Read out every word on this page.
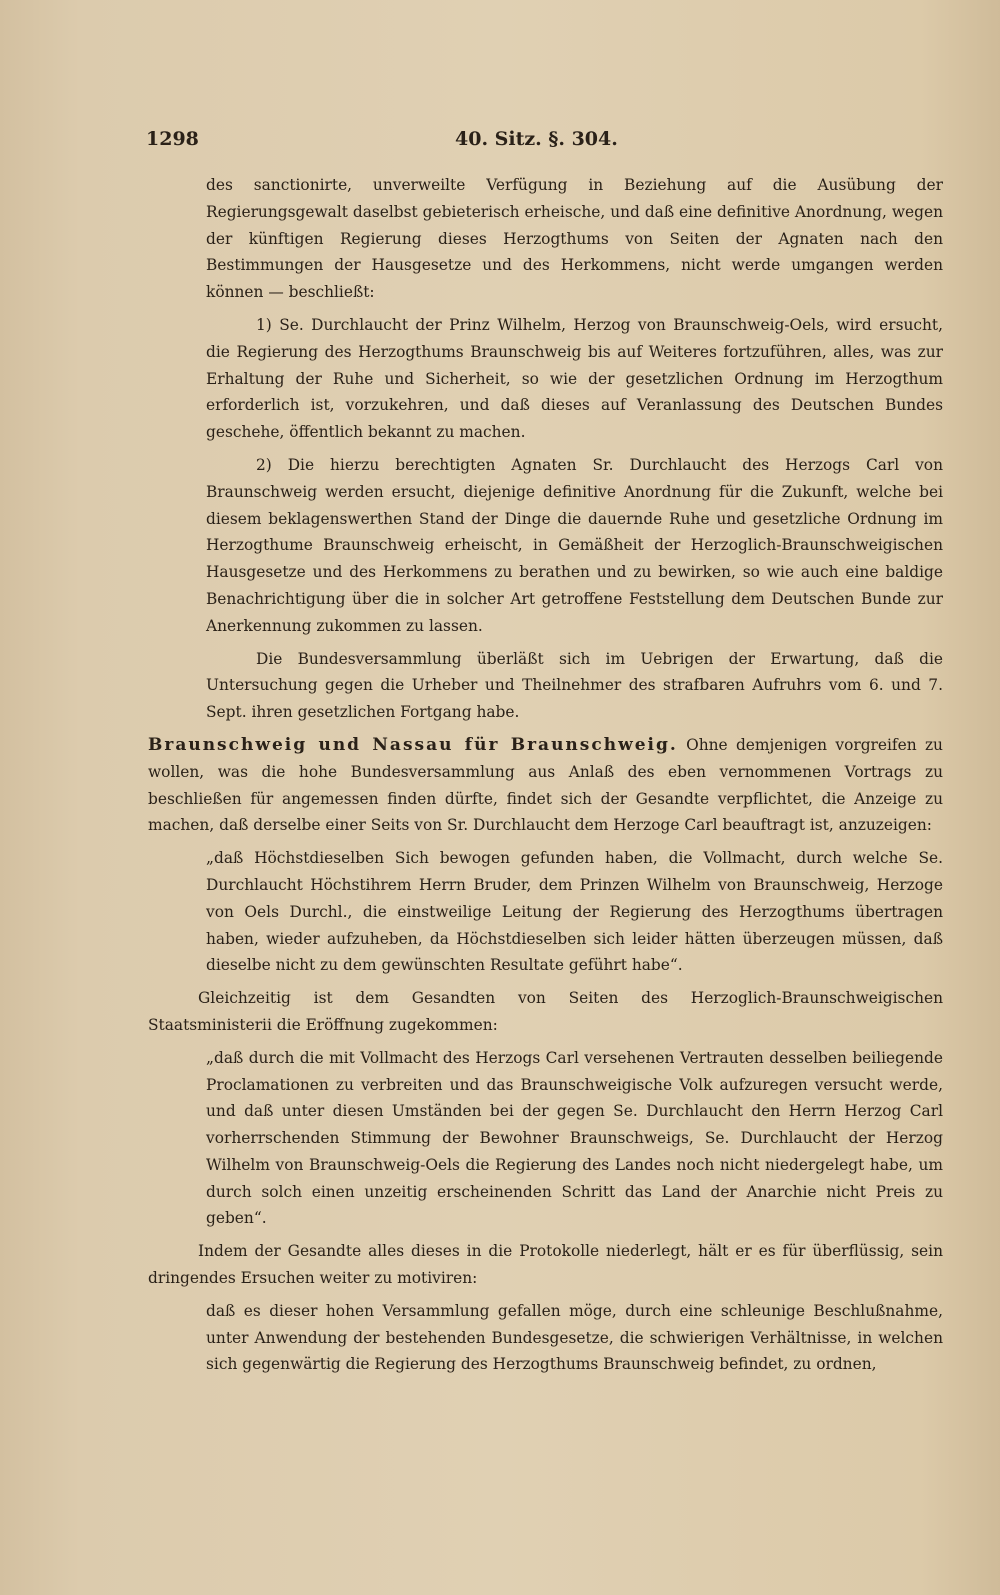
1298	40. Sitz. §. 304.

des sanctionirte, unverweilte Verfügung in Beziehung auf die Ausübung der Regierungsgewalt daselbst gebieterisch erheische, und daß eine definitive Anordnung, wegen der künftigen Regierung dieses Herzogthums von Seiten der Agnaten nach den Bestimmungen der Hausgesetze und des Herkommens, nicht werde umgangen werden können — beschließt:

1) Se. Durchlaucht der Prinz Wilhelm, Herzog von Braunschweig-Oels, wird ersucht, die Regierung des Herzogthums Braunschweig bis auf Weiteres fortzuführen, alles, was zur Erhaltung der Ruhe und Sicherheit, so wie der gesetzlichen Ordnung im Herzogthum erforderlich ist, vorzukehren, und daß dieses auf Veranlassung des Deutschen Bundes geschehe, öffentlich bekannt zu machen.

2) Die hierzu berechtigten Agnaten Sr. Durchlaucht des Herzogs Carl von Braunschweig werden ersucht, diejenige definitive Anordnung für die Zukunft, welche bei diesem beklagenswerthen Stand der Dinge die dauernde Ruhe und gesetzliche Ordnung im Herzogthume Braunschweig erheischt, in Gemäßheit der Herzoglich-Braunschweigischen Hausgesetze und des Herkommens zu berathen und zu bewirken, so wie auch eine baldige Benachrichtigung über die in solcher Art getroffene Feststellung dem Deutschen Bunde zur Anerkennung zukommen zu lassen.

Die Bundesversammlung überläßt sich im Uebrigen der Erwartung, daß die Untersuchung gegen die Urheber und Theilnehmer des strafbaren Aufruhrs vom 6. und 7. Sept. ihren gesetzlichen Fortgang habe.

Braunschweig und Nassau für Braunschweig. Ohne demjenigen vorgreifen zu wollen, was die hohe Bundesversammlung aus Anlaß des eben vernommenen Vortrags zu beschließen für angemessen finden dürfte, findet sich der Gesandte verpflichtet, die Anzeige zu machen, daß derselbe einer Seits von Sr. Durchlaucht dem Herzoge Carl beauftragt ist, anzuzeigen:

„daß Höchstdieselben Sich bewogen gefunden haben, die Vollmacht, durch welche Se. Durchlaucht Höchstihrem Herrn Bruder, dem Prinzen Wilhelm von Braunschweig, Herzoge von Oels Durchl., die einstweilige Leitung der Regierung des Herzogthums übertragen haben, wieder aufzuheben, da Höchstdieselben sich leider hätten überzeugen müssen, daß dieselbe nicht zu dem gewünschten Resultate geführt habe“.

Gleichzeitig ist dem Gesandten von Seiten des Herzoglich-Braunschweigischen Staatsministerii die Eröffnung zugekommen:

„daß durch die mit Vollmacht des Herzogs Carl versehenen Vertrauten desselben beiliegende Proclamationen zu verbreiten und das Braunschweigische Volk aufzuregen versucht werde, und daß unter diesen Umständen bei der gegen Se. Durchlaucht den Herrn Herzog Carl vorherrschenden Stimmung der Bewohner Braunschweigs, Se. Durchlaucht der Herzog Wilhelm von Braunschweig-Oels die Regierung des Landes noch nicht niedergelegt habe, um durch solch einen unzeitig erscheinenden Schritt das Land der Anarchie nicht Preis zu geben“.

Indem der Gesandte alles dieses in die Protokolle niederlegt, hält er es für überflüssig, sein dringendes Ersuchen weiter zu motiviren:

daß es dieser hohen Versammlung gefallen möge, durch eine schleunige Beschlußnahme, unter Anwendung der bestehenden Bundesgesetze, die schwierigen Verhältnisse, in welchen sich gegenwärtig die Regierung des Herzogthums Braunschweig befindet, zu ordnen,
